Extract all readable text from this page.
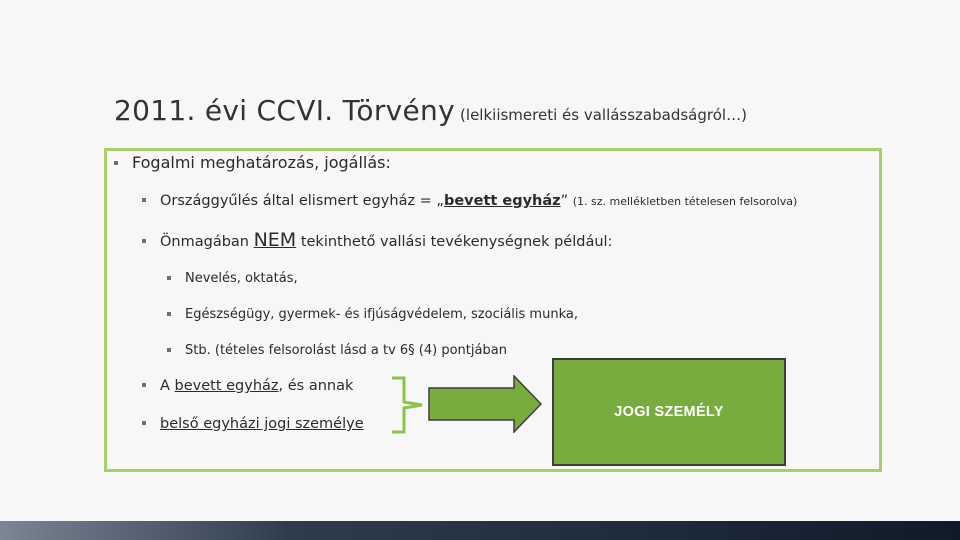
2011. évi CCVI. Törvény (lelkiismereti és vallásszabadságról…)
Fogalmi meghatározás, jogállás:
Országgyűlés által elismert egyház = „bevett egyház” (1. sz. mellékletben tételesen felsorolva)
Önmagában NEM tekinthető vallási tevékenységnek például:
Nevelés, oktatás,
Egészségügy, gyermek- és ifjúságvédelem, szociális munka,
Stb. (tételes felsorolást lásd a tv 6§ (4) pontjában
A bevett egyház, és annak
belső egyházi jogi személye
JOGI SZEMÉLY
